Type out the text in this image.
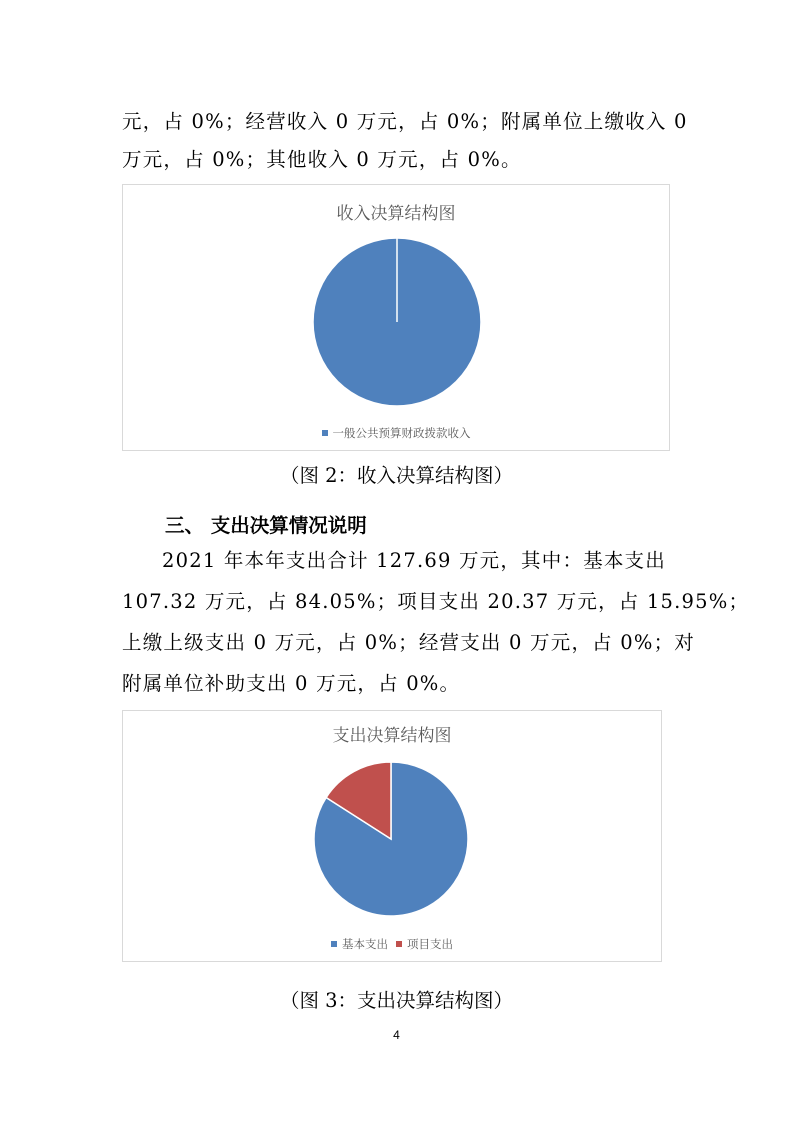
元，占 0%；经营收入 0 万元，占 0%；附属单位上缴收入 0
万元，占 0%；其他收入 0 万元，占 0%。
收入决算结构图
一般公共预算财政拨款收入
（图 2：收入决算结构图）
三、 支出决算情况说明
2021 年本年支出合计 127.69 万元，其中：基本支出
107.32 万元，占 84.05%；项目支出 20.37 万元，占 15.95%；
上缴上级支出 0 万元，占 0%；经营支出 0 万元，占 0%；对
附属单位补助支出 0 万元，占 0%。
支出决算结构图
基本支出 项目支出
（图 3：支出决算结构图）
4
